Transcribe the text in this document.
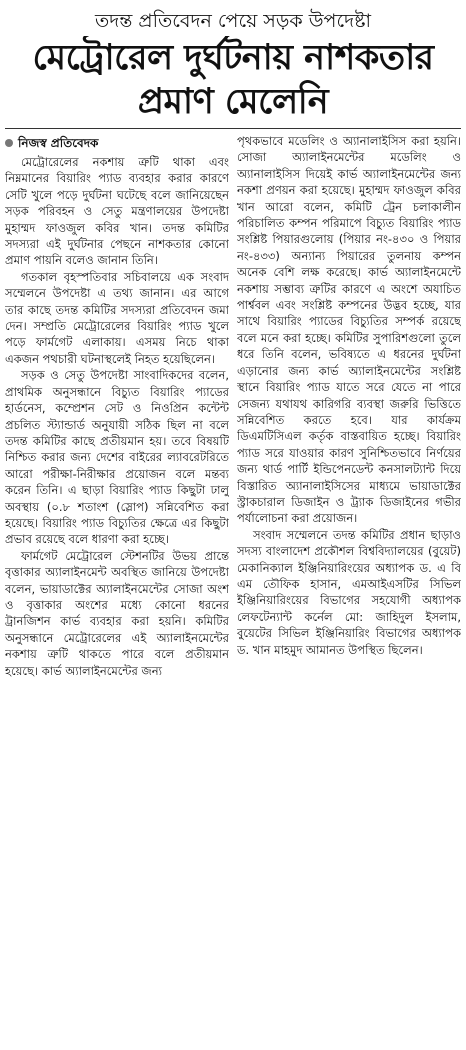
তদন্ত প্রতিবেদন পেয়ে সড়ক উপদেষ্টা
মেট্রোরেল দুর্ঘটনায় নাশকতার
প্রমাণ মেলেনি
নিজস্ব প্রতিবেদক

মেট্রোরেলের নকশায় ত্রুটি থাকা এবং নিম্নমানের বিয়ারিং প্যাড ব্যবহার করার কারণে সেটি খুলে পড়ে দুর্ঘটনা ঘটেছে বলে জানিয়েছেন সড়ক পরিবহন ও সেতু মন্ত্রণালয়ের উপদেষ্টা মুহাম্মদ ফাওজুল কবির খান। তদন্ত কমিটির সদস্যরা এই দুর্ঘটনার পেছনে নাশকতার কোনো প্রমাণ পায়নি বলেও জানান তিনি।

গতকাল বৃহস্পতিবার সচিবালয়ে এক সংবাদ সম্মেলনে উপদেষ্টা এ তথ্য জানান। এর আগে তার কাছে তদন্ত কমিটির সদস্যরা প্রতিবেদন জমা দেন। সম্প্রতি মেট্রোরেলের বিয়ারিং প্যাড খুলে পড়ে ফার্মগেট এলাকায়। এসময় নিচে থাকা একজন পথচারী ঘটনাস্থলেই নিহত হয়েছিলেন।

সড়ক ও সেতু উপদেষ্টা সাংবাদিকদের বলেন, প্রাথমিক অনুসন্ধানে বিচ্যুত বিয়ারিং প্যাডের হার্ডনেস, কম্প্রেশন সেট ও নিওপ্রিন কন্টেন্ট প্রচলিত স্ট্যান্ডার্ড অনুযায়ী সঠিক ছিল না বলে তদন্ত কমিটির কাছে প্রতীয়মান হয়। তবে বিষয়টি নিশ্চিত করার জন্য দেশের বাইরের ল্যাবরেটরিতে আরো পরীক্ষা-নিরীক্ষার প্রয়োজন বলে মন্তব্য করেন তিনি। এ ছাড়া বিয়ারিং প্যাড কিছুটা ঢালু অবস্থায় (০.৮ শতাংশ (স্লোপ) সন্নিবেশিত করা হয়েছে। বিয়ারিং প্যাড বিচ্যুতির ক্ষেত্রে এর কিছুটা প্রভাব রয়েছে বলে ধারণা করা হচ্ছে।

ফার্মগেট মেট্রোরেল স্টেশনটির উভয় প্রান্তে বৃত্তাকার অ্যালাইনমেন্ট অবস্থিত জানিয়ে উপদেষ্টা বলেন, ভায়াডাক্টের অ্যালাইনমেন্টের সোজা অংশ ও বৃত্তাকার অংশের মধ্যে কোনো ধরনের ট্রানজিশন কার্ভ ব্যবহার করা হয়নি। কমিটির অনুসন্ধানে মেট্রোরেলের এই অ্যালাইনমেন্টের নকশায় ত্রুটি থাকতে পারে বলে প্রতীয়মান হয়েছে। কার্ভ অ্যালাইনমেন্টের জন্য

পৃথকভাবে মডেলিং ও অ্যানালাইসিস করা হয়নি। সোজা অ্যালাইনমেন্টের মডেলিং ও অ্যানালাইসিস দিয়েই কার্ভ অ্যালাইনমেন্টের জন্য নকশা প্রণয়ন করা হয়েছে। মুহাম্মদ ফাওজুল কবির খান আরো বলেন, কমিটি ট্রেন চলাকালীন পরিচালিত কম্পন পরিমাপে বিচ্যুত বিয়ারিং প্যাড সংশ্লিষ্ট পিয়ারগুলোয় (পিয়ার নং-৪৩০ ও পিয়ার নং-৪৩৩) অন্যান্য পিয়ারের তুলনায় কম্পন অনেক বেশি লক্ষ করেছে। কার্ভ অ্যালাইনমেন্টে নকশায় সম্ভাব্য ত্রুটির কারণে এ অংশে অযাচিত পার্শ্ববল এবং সংশ্লিষ্ট কম্পনের উদ্ভব হচ্ছে, যার সাথে বিয়ারিং প্যাডের বিচ্যুতির সম্পর্ক রয়েছে বলে মনে করা হচ্ছে। কমিটির সুপারিশগুলো তুলে ধরে তিনি বলেন, ভবিষ্যতে এ ধরনের দুর্ঘটনা এড়ানোর জন্য কার্ভ অ্যালাইনমেন্টের সংশ্লিষ্ট স্থানে বিয়ারিং প্যাড যাতে সরে যেতে না পারে সেজন্য যথাযথ কারিগরি ব্যবস্থা জরুরি ভিত্তিতে সন্নিবেশিত করতে হবে। যার কার্যক্রম ডিএমটিসিএল কর্তৃক বাস্তবায়িত হচ্ছে। বিয়ারিং প্যাড সরে যাওয়ার কারণ সুনিশ্চিতভাবে নির্ণয়ের জন্য থার্ড পার্টি ইন্ডিপেনডেন্ট কনসালট্যান্ট দিয়ে বিস্তারিত অ্যানালাইসিসের মাধ্যমে ভায়াডাক্টের স্ট্রাকচারাল ডিজাইন ও ট্র্যাক ডিজাইনের গভীর পর্যালোচনা করা প্রয়োজন।

সংবাদ সম্মেলনে তদন্ত কমিটির প্রধান ছাড়াও সদস্য বাংলাদেশ প্রকৌশল বিশ্ববিদ্যালয়ের (বুয়েট) মেকানিক্যাল ইঞ্জিনিয়ারিংয়ের অধ্যাপক ড. এ বি এম তৌফিক হাসান, এমআইএসটির সিভিল ইঞ্জিনিয়ারিংয়ের বিভাগের সহযোগী অধ্যাপক লেফটেন্যান্ট কর্নেল মো: জাহিদুল ইসলাম, বুয়েটের সিভিল ইঞ্জিনিয়ারিং বিভাগের অধ্যাপক ড. খান মাহমুদ আমানত উপস্থিত ছিলেন।
